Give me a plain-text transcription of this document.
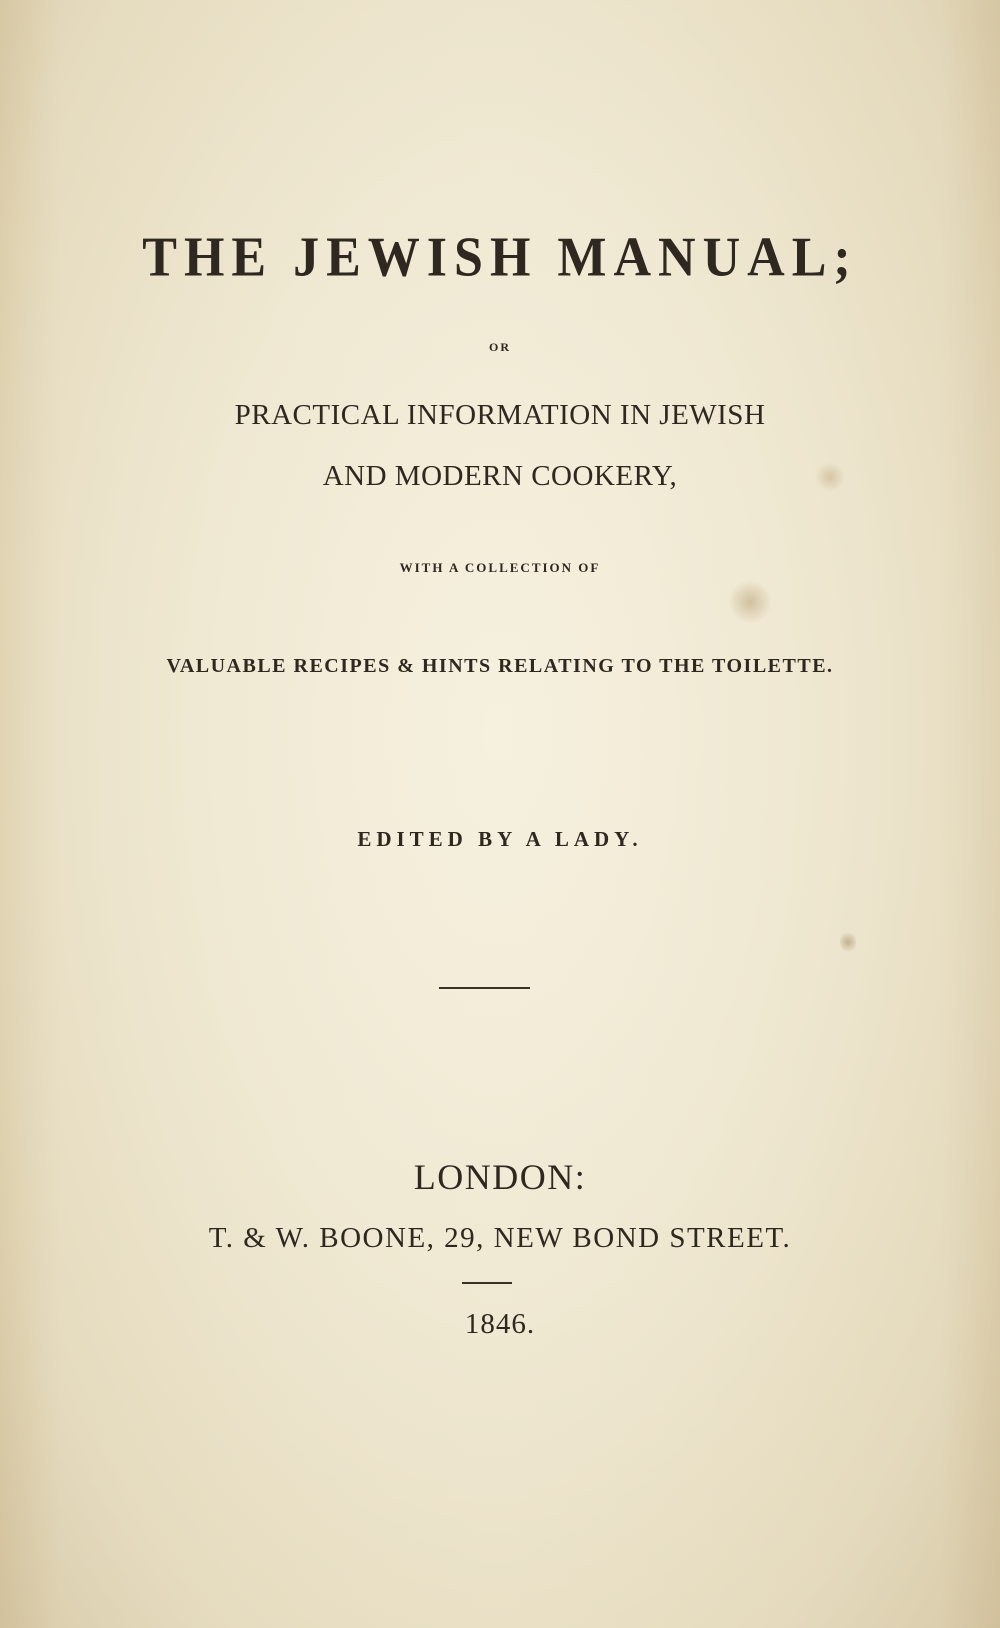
THE JEWISH MANUAL;
OR
PRACTICAL INFORMATION IN JEWISH
AND MODERN COOKERY,
WITH A COLLECTION OF
VALUABLE RECIPES & HINTS RELATING TO THE TOILETTE.
EDITED BY A LADY.
LONDON:
T. & W. BOONE, 29, NEW BOND STREET.
1846.
